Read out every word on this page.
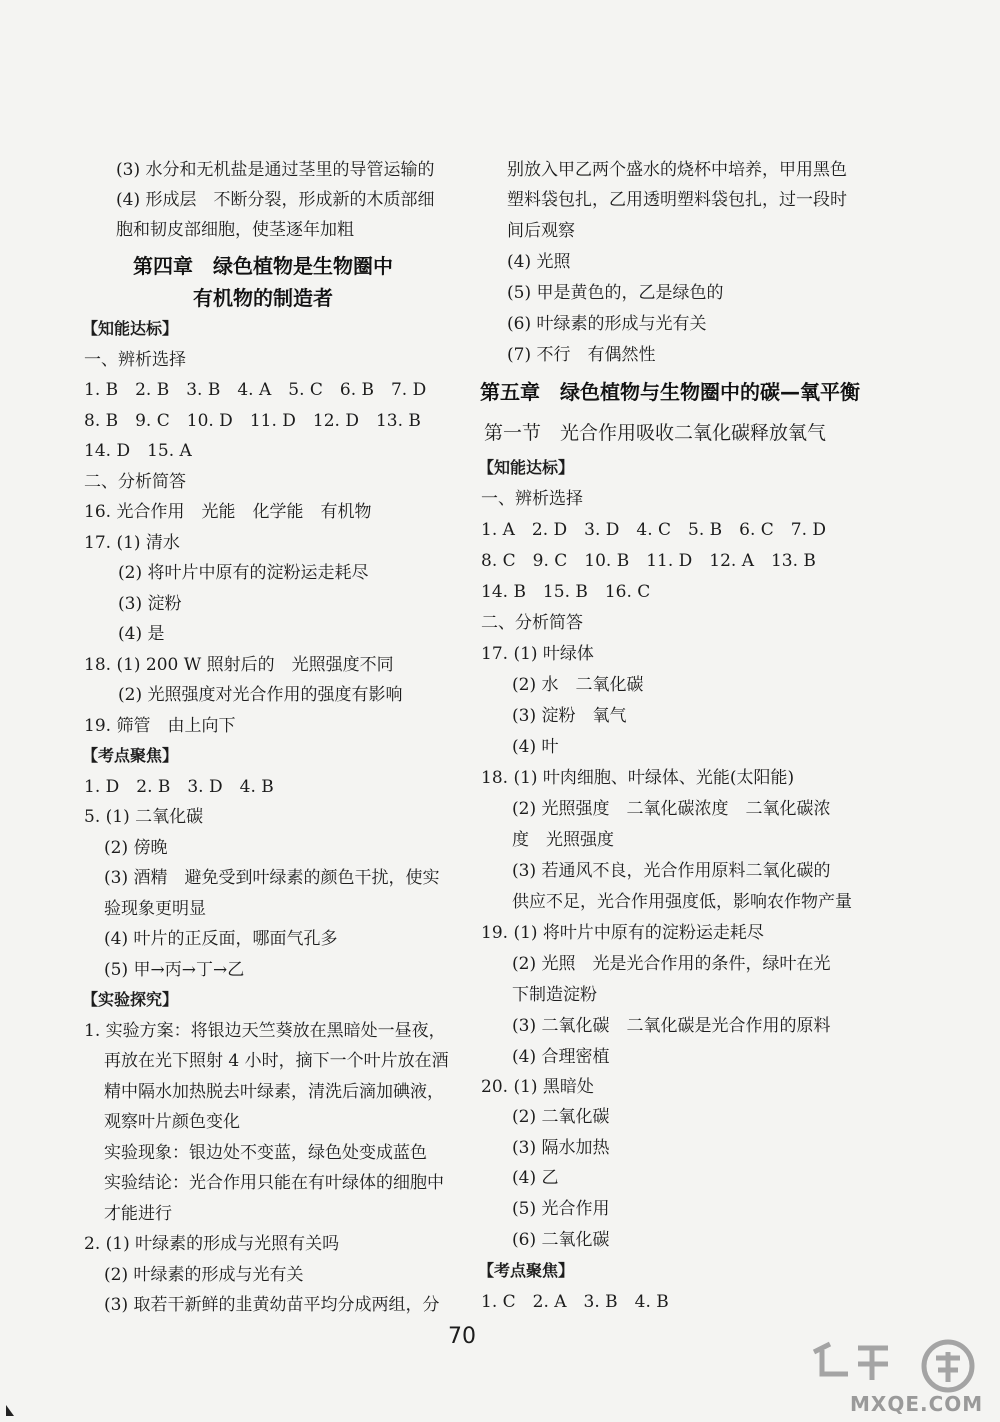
(3) 水分和无机盐是通过茎里的导管运输的
(4) 形成层　不断分裂，形成新的木质部细
胞和韧皮部细胞，使茎逐年加粗
第四章　绿色植物是生物圈中
有机物的制造者
【知能达标】
一、辨析选择
1. B　2. B　3. B　4. A　5. C　6. B　7. D
8. B　9. C　10. D　11. D　12. D　13. B
14. D　15. A
二、分析简答
16. 光合作用　光能　化学能　有机物
17. (1) 清水
(2) 将叶片中原有的淀粉运走耗尽
(3) 淀粉
(4) 是
18. (1) 200 W 照射后的　光照强度不同
(2) 光照强度对光合作用的强度有影响
19. 筛管　由上向下
【考点聚焦】
1. D　2. B　3. D　4. B
5. (1) 二氧化碳
(2) 傍晚
(3) 酒精　避免受到叶绿素的颜色干扰，使实
验现象更明显
(4) 叶片的正反面，哪面气孔多
(5) 甲→丙→丁→乙
【实验探究】
1. 实验方案：将银边天竺葵放在黑暗处一昼夜，
再放在光下照射 4 小时，摘下一个叶片放在酒
精中隔水加热脱去叶绿素，清洗后滴加碘液，
观察叶片颜色变化
实验现象：银边处不变蓝，绿色处变成蓝色
实验结论：光合作用只能在有叶绿体的细胞中
才能进行
2. (1) 叶绿素的形成与光照有关吗
(2) 叶绿素的形成与光有关
(3) 取若干新鲜的韭黄幼苗平均分成两组，分
别放入甲乙两个盛水的烧杯中培养，甲用黑色
塑料袋包扎，乙用透明塑料袋包扎，过一段时
间后观察
(4) 光照
(5) 甲是黄色的，乙是绿色的
(6) 叶绿素的形成与光有关
(7) 不行　有偶然性
第五章　绿色植物与生物圈中的碳—氧平衡
第一节　光合作用吸收二氧化碳释放氧气
【知能达标】
一、辨析选择
1. A　2. D　3. D　4. C　5. B　6. C　7. D
8. C　9. C　10. B　11. D　12. A　13. B
14. B　15. B　16. C
二、分析简答
17. (1) 叶绿体
(2) 水　二氧化碳
(3) 淀粉　氧气
(4) 叶
18. (1) 叶肉细胞、叶绿体、光能(太阳能)
(2) 光照强度　二氧化碳浓度　二氧化碳浓
度　光照强度
(3) 若通风不良，光合作用原料二氧化碳的
供应不足，光合作用强度低，影响农作物产量
19. (1) 将叶片中原有的淀粉运走耗尽
(2) 光照　光是光合作用的条件，绿叶在光
下制造淀粉
(3) 二氧化碳　二氧化碳是光合作用的原料
(4) 合理密植
20. (1) 黑暗处
(2) 二氧化碳
(3) 隔水加热
(4) 乙
(5) 光合作用
(6) 二氧化碳
【考点聚焦】
1. C　2. A　3. B　4. B
70
MXQE.COM
